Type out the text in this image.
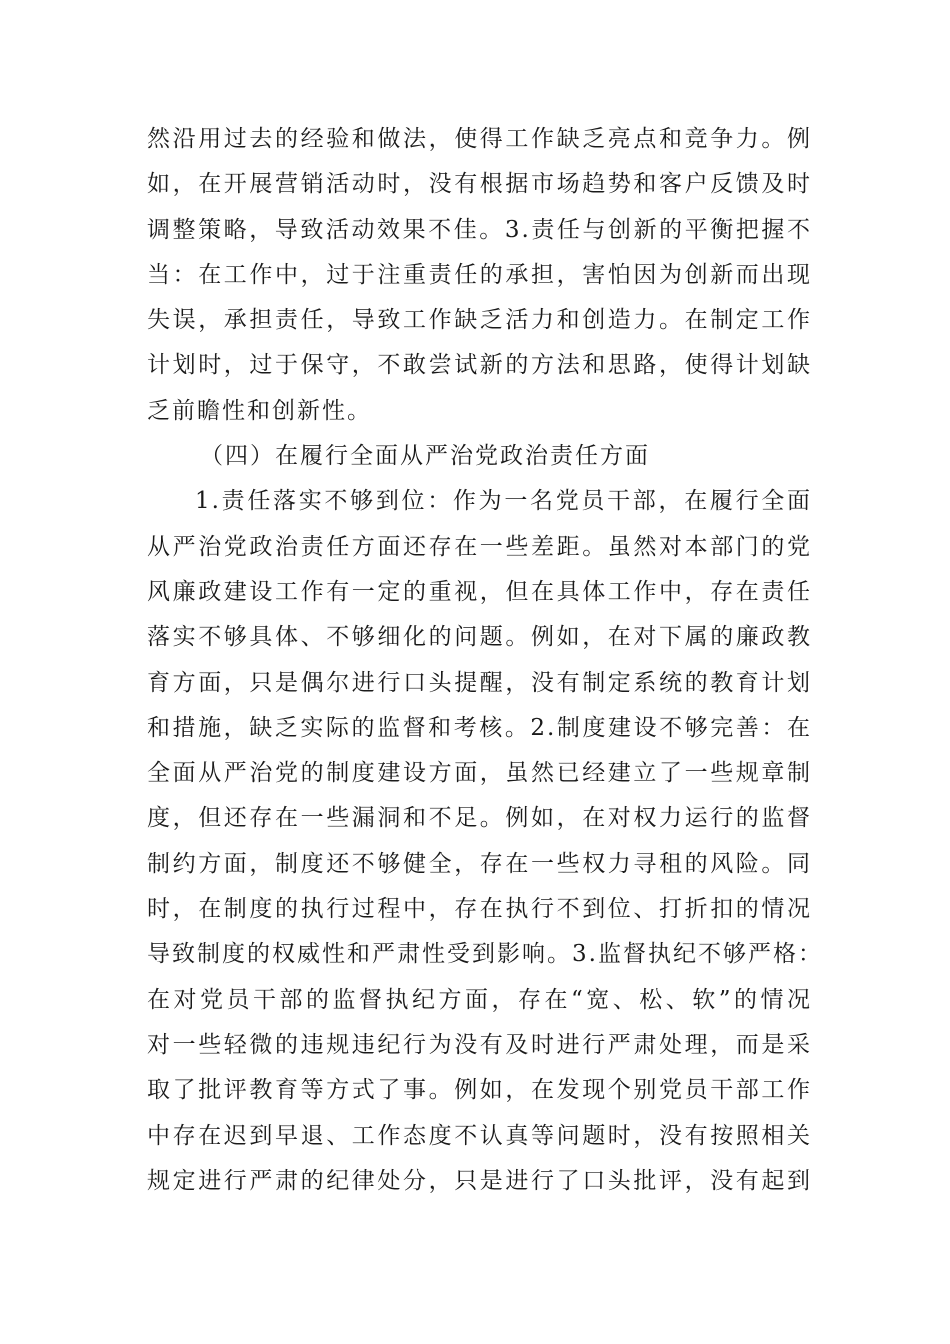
然沿用过去的经验和做法，使得工作缺乏亮点和竞争力。例
如，在开展营销活动时，没有根据市场趋势和客户反馈及时
调整策略，导致活动效果不佳。3.责任与创新的平衡把握不
当：在工作中，过于注重责任的承担，害怕因为创新而出现
失误，承担责任，导致工作缺乏活力和创造力。在制定工作
计划时，过于保守，不敢尝试新的方法和思路，使得计划缺
乏前瞻性和创新性。
（四）在履行全面从严治党政治责任方面
1.责任落实不够到位：作为一名党员干部，在履行全面
从严治党政治责任方面还存在一些差距。虽然对本部门的党
风廉政建设工作有一定的重视，但在具体工作中，存在责任
落实不够具体、不够细化的问题。例如，在对下属的廉政教
育方面，只是偶尔进行口头提醒，没有制定系统的教育计划
和措施，缺乏实际的监督和考核。2.制度建设不够完善：在
全面从严治党的制度建设方面，虽然已经建立了一些规章制
度，但还存在一些漏洞和不足。例如，在对权力运行的监督
制约方面，制度还不够健全，存在一些权力寻租的风险。同
时，在制度的执行过程中，存在执行不到位、打折扣的情况
导致制度的权威性和严肃性受到影响。3.监督执纪不够严格：
在对党员干部的监督执纪方面，存在“宽、松、软”的情况
对一些轻微的违规违纪行为没有及时进行严肃处理，而是采
取了批评教育等方式了事。例如，在发现个别党员干部工作
中存在迟到早退、工作态度不认真等问题时，没有按照相关
规定进行严肃的纪律处分，只是进行了口头批评，没有起到
